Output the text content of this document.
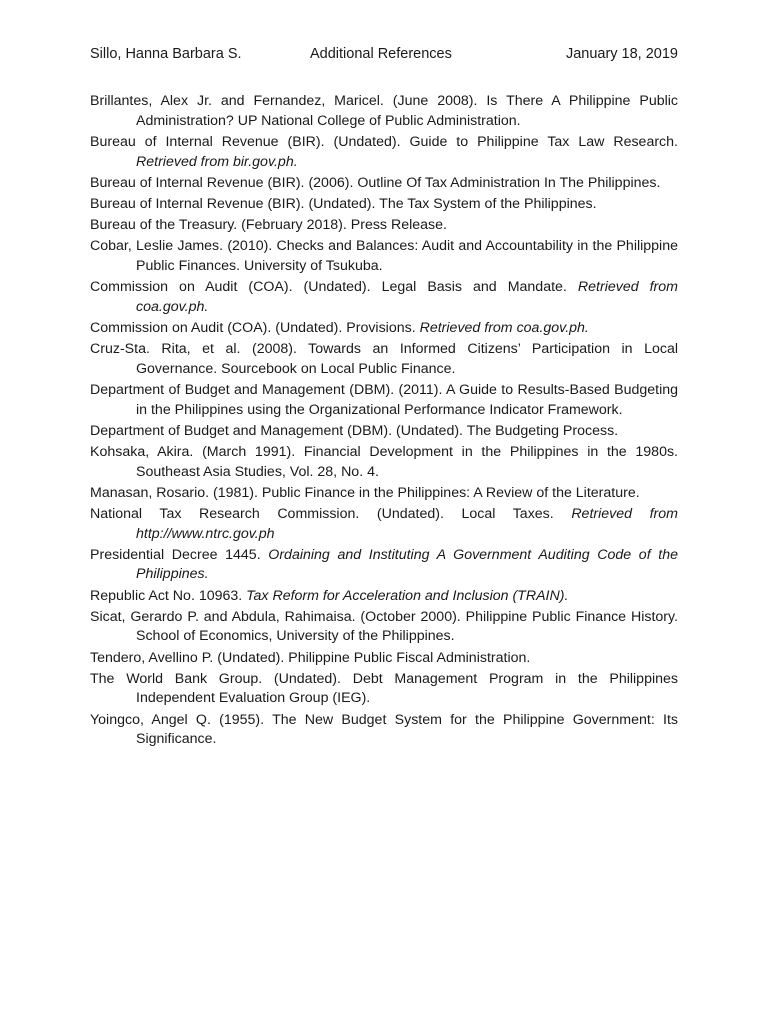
Sillo, Hanna Barbara S.	Additional References	January 18, 2019
Brillantes, Alex Jr. and Fernandez, Maricel. (June 2008). Is There A Philippine Public Administration? UP National College of Public Administration.
Bureau of Internal Revenue (BIR). (Undated). Guide to Philippine Tax Law Research. Retrieved from bir.gov.ph.
Bureau of Internal Revenue (BIR). (2006). Outline Of Tax Administration In The Philippines.
Bureau of Internal Revenue (BIR). (Undated). The Tax System of the Philippines.
Bureau of the Treasury. (February 2018). Press Release.
Cobar, Leslie James. (2010). Checks and Balances: Audit and Accountability in the Philippine Public Finances. University of Tsukuba.
Commission on Audit (COA). (Undated). Legal Basis and Mandate. Retrieved from coa.gov.ph.
Commission on Audit (COA). (Undated). Provisions. Retrieved from coa.gov.ph.
Cruz-Sta. Rita, et al. (2008). Towards an Informed Citizens’ Participation in Local Governance. Sourcebook on Local Public Finance.
Department of Budget and Management (DBM). (2011). A Guide to Results-Based Budgeting in the Philippines using the Organizational Performance Indicator Framework.
Department of Budget and Management (DBM). (Undated). The Budgeting Process.
Kohsaka, Akira. (March 1991). Financial Development in the Philippines in the 1980s. Southeast Asia Studies, Vol. 28, No. 4.
Manasan, Rosario. (1981). Public Finance in the Philippines: A Review of the Literature.
National Tax Research Commission. (Undated). Local Taxes. Retrieved from http://www.ntrc.gov.ph
Presidential Decree 1445. Ordaining and Instituting A Government Auditing Code of the Philippines.
Republic Act No. 10963. Tax Reform for Acceleration and Inclusion (TRAIN).
Sicat, Gerardo P. and Abdula, Rahimaisa. (October 2000). Philippine Public Finance History. School of Economics, University of the Philippines.
Tendero, Avellino P. (Undated). Philippine Public Fiscal Administration.
The World Bank Group. (Undated). Debt Management Program in the Philippines Independent Evaluation Group (IEG).
Yoingco, Angel Q. (1955). The New Budget System for the Philippine Government: Its Significance.
